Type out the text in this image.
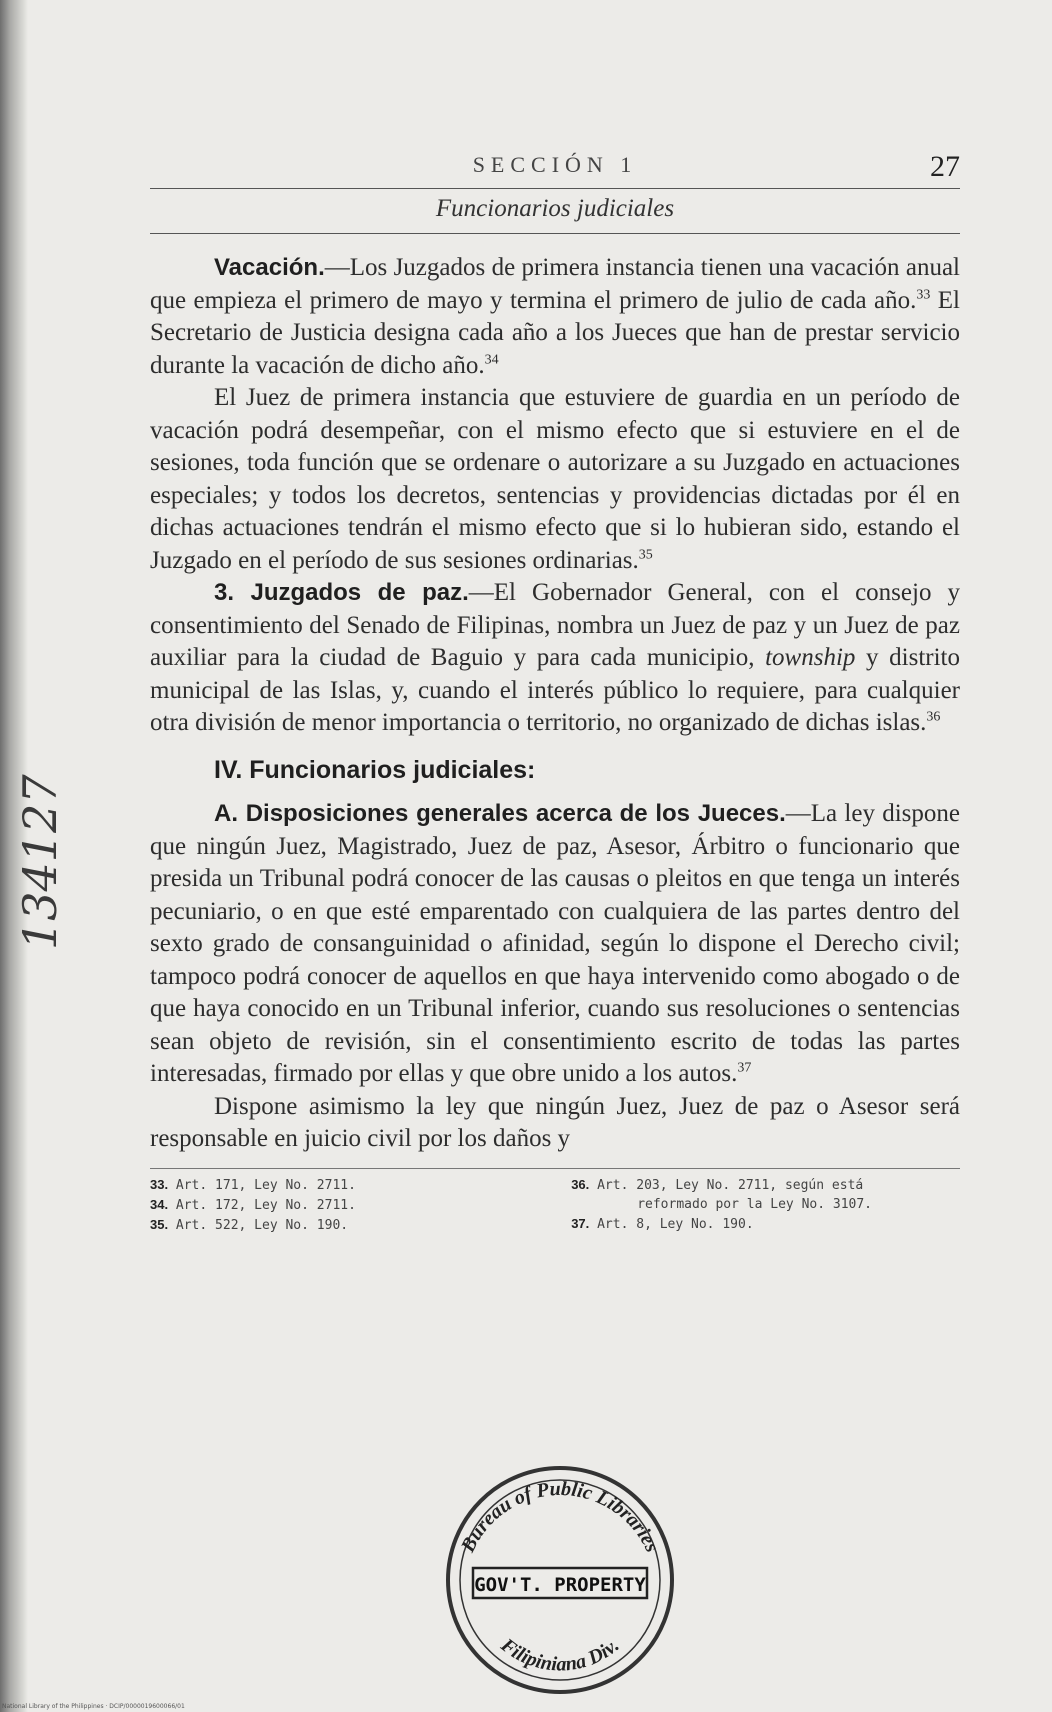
134127
SECCIÓN 1	27
Funcionarios judiciales

Vacación.—Los Juzgados de primera instancia tienen una vacación anual que empieza el primero de mayo y termina el primero de julio de cada año.$^{33}$ El Secretario de Justicia designa cada año a los Jueces que han de prestar servicio durante la vacación de dicho año.$^{34}$

El Juez de primera instancia que estuviere de guardia en un período de vacación podrá desempeñar, con el mismo efecto que si estuviere en el de sesiones, toda función que se ordenare o autorizare a su Juzgado en actuaciones especiales; y todos los decretos, sentencias y providencias dictadas por él en dichas actuaciones tendrán el mismo efecto que si lo hubieran sido, estando el Juzgado en el período de sus sesiones ordinarias.$^{35}$

3. Juzgados de paz.—El Gobernador General, con el consejo y consentimiento del Senado de Filipinas, nombra un Juez de paz y un Juez de paz auxiliar para la ciudad de Baguio y para cada municipio, township y distrito municipal de las Islas, y, cuando el interés público lo requiere, para cualquier otra división de menor importancia o territorio, no organizado de dichas islas.$^{36}$

IV. Funcionarios judiciales:

A. Disposiciones generales acerca de los Jueces.—La ley dispone que ningún Juez, Magistrado, Juez de paz, Asesor, Árbitro o funcionario que presida un Tribunal podrá conocer de las causas o pleitos en que tenga un interés pecuniario, o en que esté emparentado con cualquiera de las partes dentro del sexto grado de consanguinidad o afinidad, según lo dispone el Derecho civil; tampoco podrá conocer de aquellos en que haya intervenido como abogado o de que haya conocido en un Tribunal inferior, cuando sus resoluciones o sentencias sean objeto de revisión, sin el consentimiento escrito de todas las partes interesadas, firmado por ellas y que obre unido a los autos.$^{37}$

Dispone asimismo la ley que ningún Juez, Juez de paz o Asesor será responsable en juicio civil por los daños y

33. Art. 171, Ley No. 2711.
34. Art. 172, Ley No. 2711.
35. Art. 522, Ley No. 190.
36. Art. 203, Ley No. 2711, según está
reformado por la Ley No. 3107.
37. Art. 8, Ley No. 190.
Bureau of Public Libraries
GOV'T. PROPERTY
Filipiniana Div.
National Library of the Philippines · DCIP/0000019600066/01
